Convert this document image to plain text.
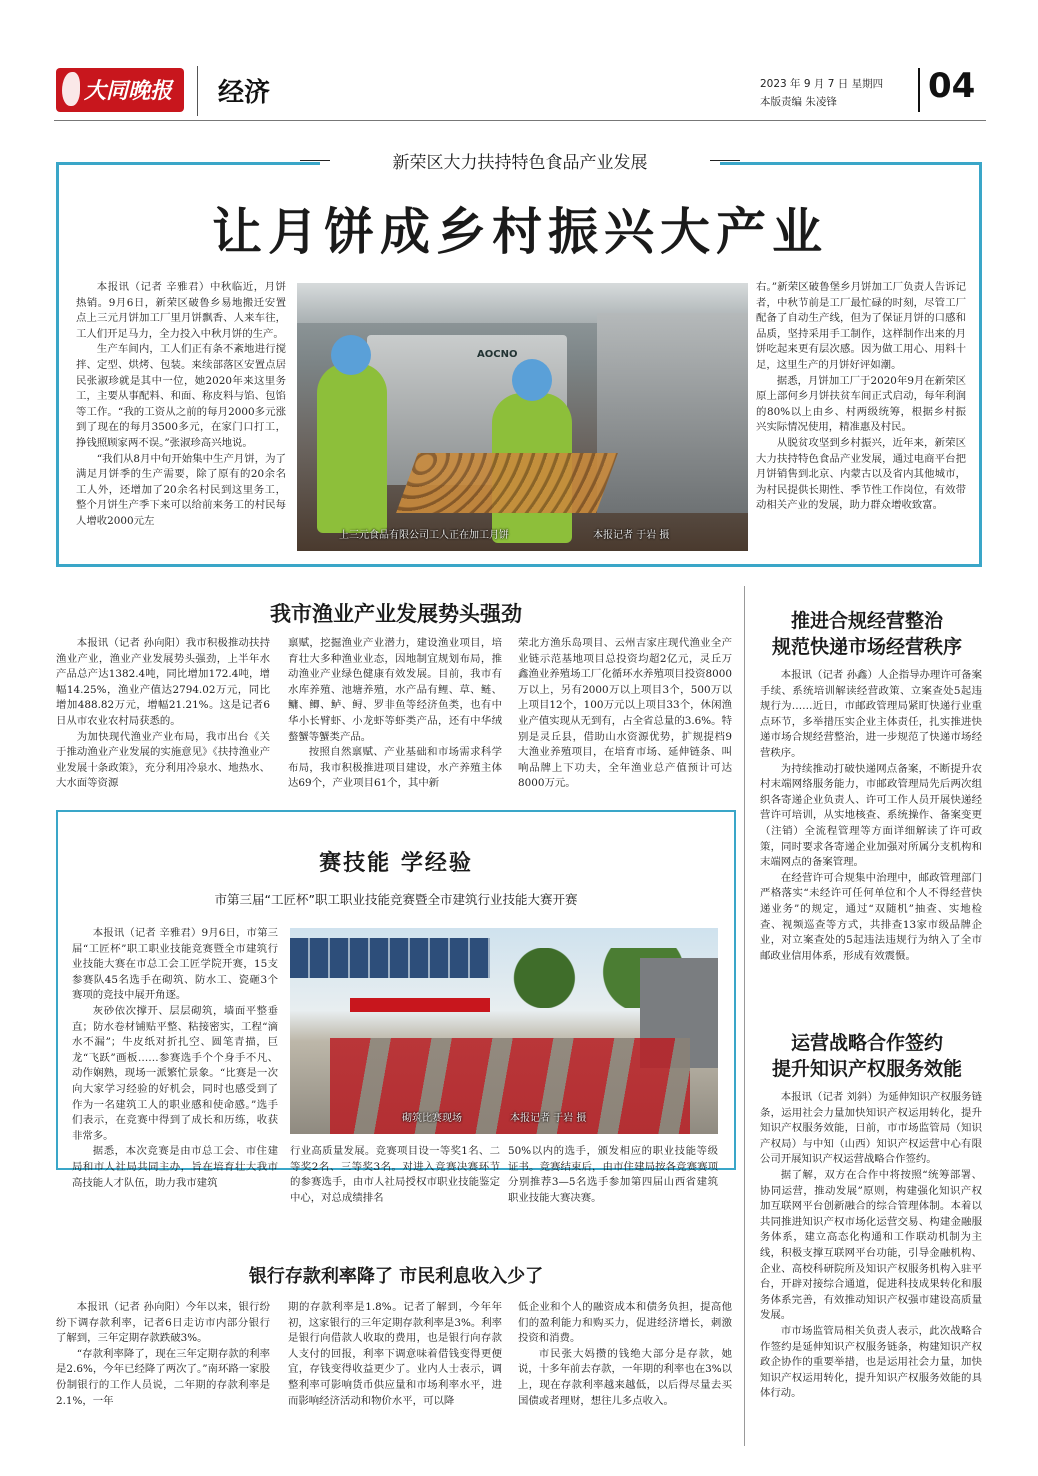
大同晚报 经济	2023 年 9 月 7 日 星期四
本版责编 朱凌锋	04
新荣区大力扶持特色食品产业发展
让月饼成乡村振兴大产业

本报讯（记者 辛雅君）中秋临近，月饼热销。9月6日，新荣区破鲁乡易地搬迁安置点上三元月饼加工厂里月饼飘香、人来车往，工人们开足马力，全力投入中秋月饼的生产。

生产车间内，工人们正有条不紊地进行搅拌、定型、烘烤、包装。来续部落区安置点居民张淑珍就是其中一位，她2020年来这里务工，主要从事配料、和面、称皮料与馅、包馅等工作。“我的工资从之前的每月2000多元涨到了现在的每月3500多元，在家门口打工，挣钱照顾家两不误。”张淑珍高兴地说。

“我们从8月中旬开始集中生产月饼，为了满足月饼季的生产需要，除了原有的20余名工人外，还增加了20余名村民到这里务工，整个月饼生产季下来可以给前来务工的村民每人增收2000元左

AOCNO
上三元食品有限公司工人正在加工月饼	本报记者 于岩 摄

右。”新荣区破鲁堡乡月饼加工厂负责人告诉记者，中秋节前是工厂最忙碌的时刻，尽管工厂配备了自动生产线，但为了保证月饼的口感和品质，坚持采用手工制作，这样制作出来的月饼吃起来更有层次感。因为做工用心、用料十足，这里生产的月饼好评如潮。

据悉，月饼加工厂于2020年9月在新荣区原上部何乡月饼扶贫车间正式启动，每年利润的80%以上由乡、村两级统筹，根据乡村振兴实际情况使用，精准惠及村民。

从脱贫攻坚到乡村振兴，近年来，新荣区大力扶持特色食品产业发展，通过电商平台把月饼销售到北京、内蒙古以及省内其他城市，为村民提供长期性、季节性工作岗位，有效带动相关产业的发展，助力群众增收致富。

我市渔业产业发展势头强劲

本报讯（记者 孙向阳）我市积极推动扶持渔业产业，渔业产业发展势头强劲，上半年水产品总产达1382.4吨，同比增加172.4吨，增幅14.25%，渔业产值达2794.02万元，同比增加488.82万元，增幅21.21%。这是记者6日从市农业农村局获悉的。

为加快现代渔业产业布局，我市出台《关于推动渔业产业发展的实施意见》《扶持渔业产业发展十条政策》，充分利用冷泉水、地热水、大水面等资源

禀赋，挖掘渔业产业潜力，建设渔业项目，培育壮大多种渔业业态，因地制宜规划布局，推动渔业产业绿色健康有效发展。目前，我市有水库养殖、池塘养殖，水产品有鲤、草、鲢、鳙、鲫、鲈、鲟、罗非鱼等经济鱼类，也有中华小长臂虾、小龙虾等虾类产品，还有中华绒螯蟹等蟹类产品。

按照自然禀赋、产业基础和市场需求科学布局，我市积极推进项目建设，水产养殖主体达69个，产业项目61个，其中新

荣北方渔乐岛项目、云州吉家庄现代渔业全产业链示范基地项目总投资均超2亿元，灵丘万鑫渔业养殖场工厂化循环水养殖项目投资8000万以上，另有2000万以上项目3个，500万以上项目12个，100万元以上项目33个，休闲渔业产值实现从无到有，占全省总量的3.6%。特别是灵丘县，借助山水资源优势，扩规提档9大渔业养殖项目，在培育市场、延伸链条、叫响品牌上下功夫，全年渔业总产值预计可达8000万元。

推进合规经营整治
规范快递市场经营秩序

本报讯（记者 孙鑫）人企指导办理许可备案手续、系统培训解读经营政策、立案查处5起违规行为……近日，市邮政管理局紧盯快递行业重点环节，多举措压实企业主体责任，扎实推进快递市场合规经营整治，进一步规范了快递市场经营秩序。

为持续推动打破快递网点备案，不断提升农村末端网络服务能力，市邮政管理局先后两次组织各寄递企业负责人、许可工作人员开展快递经营许可培训，从实地核查、系统操作、备案变更（注销）全流程管理等方面详细解读了许可政策，同时要求各寄递企业加强对所属分支机构和末端网点的备案管理。

在经营许可合规集中治理中，邮政管理部门严格落实“未经许可任何单位和个人不得经营快递业务”的规定，通过“双随机”抽查、实地检查、视频巡查等方式，共排查13家市级品牌企业，对立案查处的5起违法违规行为纳入了全市邮政业信用体系，形成有效震慑。

赛技能 学经验
市第三届“工匠杯”职工职业技能竞赛暨全市建筑行业技能大赛开赛

本报讯（记者 辛雅君）9月6日，市第三届“工匠杯”职工职业技能竞赛暨全市建筑行业技能大赛在市总工会工匠学院开赛，15支参赛队45名选手在砌筑、防水工、瓷砸3个赛项的竞技中展开角逐。

灰砂依次撑开、层层砌筑，墙面平整垂直；防水卷材铺贴平整、粘接密实，工程“滴水不漏”；牛皮纸对折扎空、圆笔青描，巨龙“飞跃”画板……参赛选手个个身手不凡、动作娴熟，现场一派繁忙景象。“比赛是一次向大家学习经验的好机会，同时也感受到了作为一名建筑工人的职业感和使命感。”选手们表示，在竞赛中得到了成长和历练，收获非常多。

据悉，本次竞赛是由市总工会、市住建局和市人社局共同主办，旨在培育壮大我市高技能人才队伍，助力我市建筑

砌筑比赛现场	本报记者 于岩 摄

行业高质量发展。竞赛项目设一等奖1名、二等奖2名、三等奖3名。对进入竞赛决赛环节的参赛选手，由市人社局授权市职业技能鉴定中心，对总成绩排名

50%以内的选手，颁发相应的职业技能等级证书。竞赛结束后，由市住建局按各竞赛赛项分别推荐3—5名选手参加第四届山西省建筑职业技能大赛决赛。

银行存款利率降了 市民利息收入少了

本报讯（记者 孙向阳）今年以来，银行纷纷下调存款利率，记者6日走访市内部分银行了解到，三年定期存款跌破3%。

“存款利率降了，现在三年定期存款的利率是2.6%，今年已经降了两次了。”南环路一家股份制银行的工作人员说，二年期的存款利率是2.1%，一年

期的存款利率是1.8%。记者了解到，今年年初，这家银行的三年定期存款利率是3%。利率是银行向借款人收取的费用，也是银行向存款人支付的回报，利率下调意味着借钱变得更便宜，存钱变得收益更少了。业内人士表示，调整利率可影响货币供应量和市场利率水平，进而影响经济活动和物价水平，可以降

低企业和个人的融资成本和债务负担，提高他们的盈利能力和购买力，促进经济增长，刺激投资和消费。

市民张大妈攒的钱绝大部分是存款，她说，十多年前去存款，一年期的利率也在3%以上，现在存款利率越来越低，以后得尽量去买国债或者理财，想往儿多点收入。

运营战略合作签约
提升知识产权服务效能

本报讯（记者 刘斜）为延伸知识产权服务链条，运用社会力量加快知识产权运用转化，提升知识产权服务效能，日前，市市场监管局（知识产权局）与中知（山西）知识产权运营中心有限公司开展知识产权运营战略合作签约。

据了解，双方在合作中将按照“统筹部署、协同运营，推动发展”原则，构建强化知识产权加互联网平台创新融合的综合管理体制。本着以共同推进知识产权市场化运营交易、构建金融服务体系，建立高态化构通和工作联动机制为主线，积极支撑互联网平台功能，引导金融机构、企业、高校科研院所及知识产权服务机构入驻平台，开辟对接综合通道，促进科技成果转化和服务体系完善，有效推动知识产权强市建设高质量发展。

市市场监管局相关负责人表示，此次战略合作签约是延伸知识产权服务链条，构建知识产权政企协作的重要举措，也是运用社会力量，加快知识产权运用转化，提升知识产权服务效能的具体行动。
